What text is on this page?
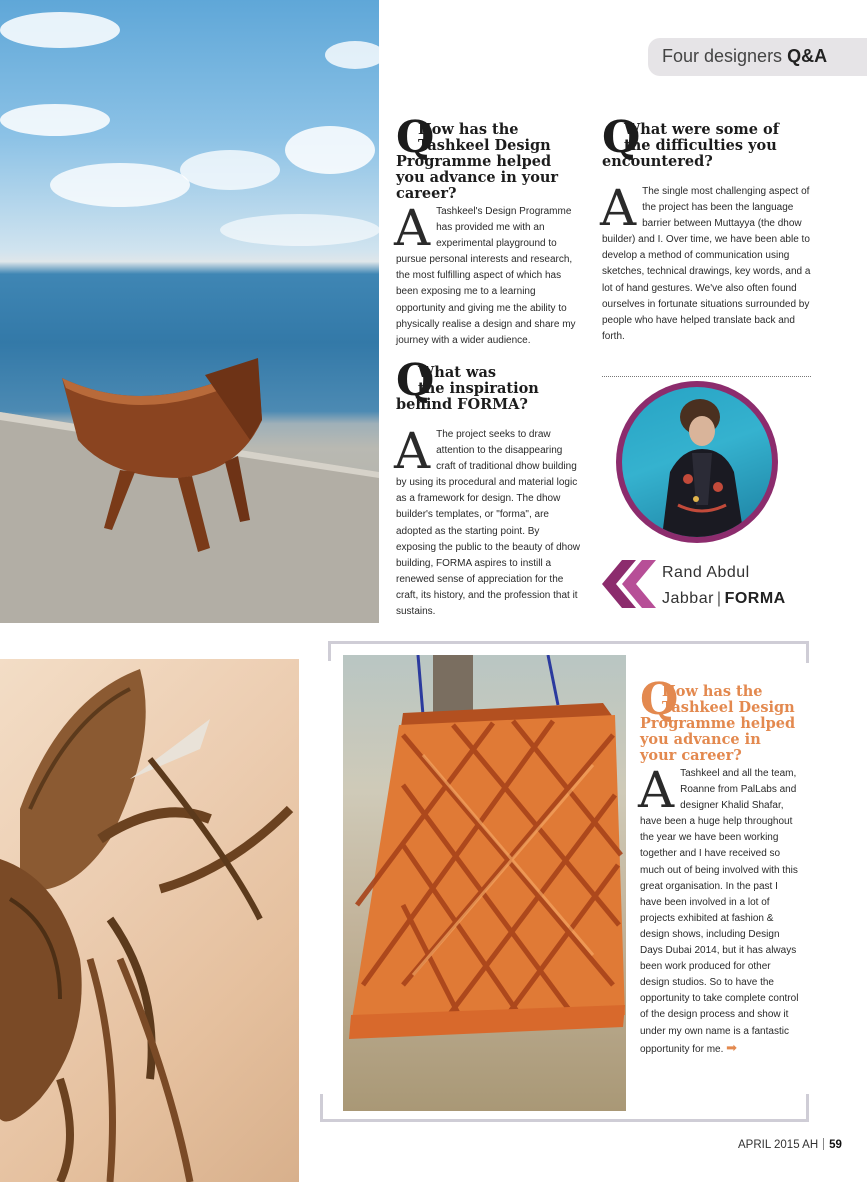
Four designers Q&A
Q
How has the
Tashkeel Design
Programme helped you advance in your career?
A Tashkeel's Design Programme has provided me with an experimental playground to pursue personal interests and research, the most fulfilling aspect of which has been exposing me to a learning opportunity and giving me the ability to physically realise a design and share my journey with a wider audience.
Q
What was
the inspiration
behind FORMA?
A The project seeks to draw attention to the disappearing craft of traditional dhow building by using its procedural and material logic as a framework for design. The dhow builder's templates, or "forma", are adopted as the starting point. By exposing the public to the beauty of dhow building, FORMA aspires to instill a renewed sense of appreciation for the craft, its history, and the profession that it sustains.
Q
What were some of
the difficulties you
encountered?
A The single most challenging aspect of the project has been the language barrier between Muttayya (the dhow builder) and I. Over time, we have been able to develop a method of communication using sketches, technical drawings, key words, and a lot of hand gestures. We've also often found ourselves in fortunate situations surrounded by people who have helped translate back and forth.
Rand Abdul
Jabbar | FORMA
Q
How has the
Tashkeel Design
Programme helped you advance in your career?
A Tashkeel and all the team, Roanne from PalLabs and designer Khalid Shafar, have been a huge help throughout the year we have been working together and I have received so much out of being involved with this great organisation. In the past I have been involved in a lot of projects exhibited at fashion & design shows, including Design Days Dubai 2014, but it has always been work produced for other design studios. So to have the opportunity to take complete control of the design process and show it under my own name is a fantastic opportunity for me. ➡
APRIL 2015 AH 59
